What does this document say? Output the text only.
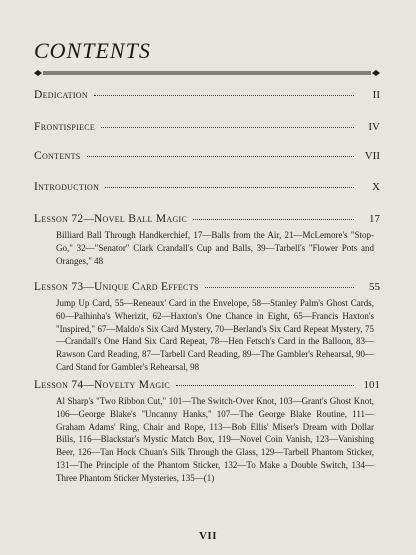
CONTENTS
Dedication	II
Frontispiece	IV
Contents	VII
Introduction	X
Lesson 72 — Novel Ball Magic	17
Billiard Ball Through Handkerchief, 17—Balls from the Air, 21—McLemore's "Stop-Go," 32—"Senator" Clark Crandall's Cup and Balls, 39—Tarbell's "Flower Pots and Oranges," 48
Lesson 73 — Unique Card Effects	55
Jump Up Card, 55—Reneaux' Card in the Envelope, 58—Stanley Palm's Ghost Cards, 60—Palhinha's Wherizit, 62—Haxton's One Chance in Eight, 65—Francis Haxton's "Inspired," 67—Maldo's Six Card Mystery, 70—Berland's Six Card Repeat Mystery, 75—Crandall's One Hand Six Card Repeat, 78—Hen Fetsch's Card in the Balloon, 83—Rawson Card Reading, 87—Tarbell Card Reading, 89—The Gambler's Rehearsal, 90—Card Stand for Gambler's Rehearsal, 98
Lesson 74 — Novelty Magic	101
Al Sharp's "Two Ribbon Cut," 101—The Switch-Over Knot, 103—Grant's Ghost Knot, 106—George Blake's "Uncanny Hanks," 107—The George Blake Routine, 111—Graham Adams' Ring, Chair and Rope, 113—Bob Ellis' Miser's Dream with Dollar Bills, 116—Blackstar's Mystic Match Box, 119—Novel Coin Vanish, 123—Vanishing Beer, 126—Tan Hock Chuan's Silk Through the Glass, 129—Tarbell Phantom Sticker, 131—The Principle of the Phantom Sticker, 132—To Make a Double Switch, 134—Three Phantom Sticker Mysteries, 135—(1)
VII
